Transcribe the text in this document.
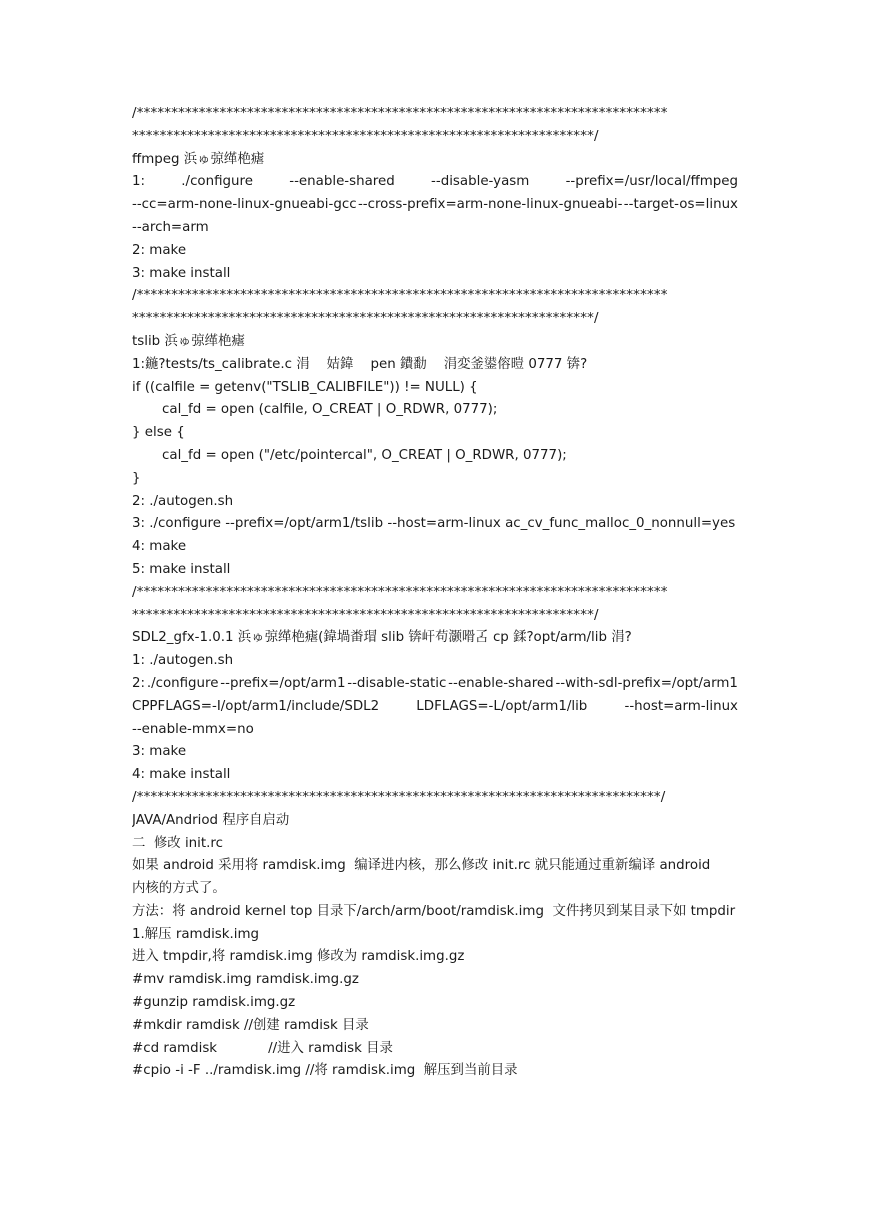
/*****************************************************************************
*******************************************************************/
ffmpeg 浜ゅ弶缂栬瘧
1:	./configure	--enable-shared	--disable-yasm	--prefix=/usr/local/ffmpeg
--cc=arm-none-linux-gnueabi-gcc --cross-prefix=arm-none-linux-gnueabi- --target-os=linux
--arch=arm
2: make
3: make install
/*****************************************************************************
*******************************************************************/
tslib 浜ゅ弶缂栬瘧
1:鍦?tests/ts_calibrate.c 涓    姞鍏    pen 鐨勫    涓変釜鍙傛暟 0777 锛?
if ((calfile = getenv("TSLIB_CALIBFILE")) != NULL) {
cal_fd = open (calfile, O_CREAT | O_RDWR, 0777);
} else {
cal_fd = open ("/etc/pointercal", O_CREAT | O_RDWR, 0777);
}
2: ./autogen.sh
3: ./configure --prefix=/opt/arm1/tslib --host=arm-linux ac_cv_func_malloc_0_nonnull=yes
4: make
5: make install
/*****************************************************************************
*******************************************************************/
SDL2_gfx-1.0.1 浜ゅ弶缂栬瘧(鍏堝畨瑁 slib 锛屽苟灏嗗叾 cp 鍒?opt/arm/lib 涓?
1: ./autogen.sh
2: ./configure --prefix=/opt/arm1 --disable-static --enable-shared --with-sdl-prefix=/opt/arm1
CPPFLAGS=-I/opt/arm1/include/SDL2	LDFLAGS=-L/opt/arm1/lib	--host=arm-linux
--enable-mmx=no
3: make
4: make install
/****************************************************************************/
JAVA/Andriod 程序自启动
二  修改 init.rc
如果 android 采用将 ramdisk.img  编译进内核，那么修改 init.rc 就只能通过重新编译 android
内核的方式了。
方法：将 android kernel top 目录下/arch/arm/boot/ramdisk.img  文件拷贝到某目录下如 tmpdir
1.解压 ramdisk.img
进入 tmpdir,将 ramdisk.img 修改为 ramdisk.img.gz
#mv ramdisk.img ramdisk.img.gz
#gunzip ramdisk.img.gz
#mkdir ramdisk //创建 ramdisk 目录
#cd ramdisk            //进入 ramdisk 目录
#cpio -i -F ../ramdisk.img //将 ramdisk.img  解压到当前目录
